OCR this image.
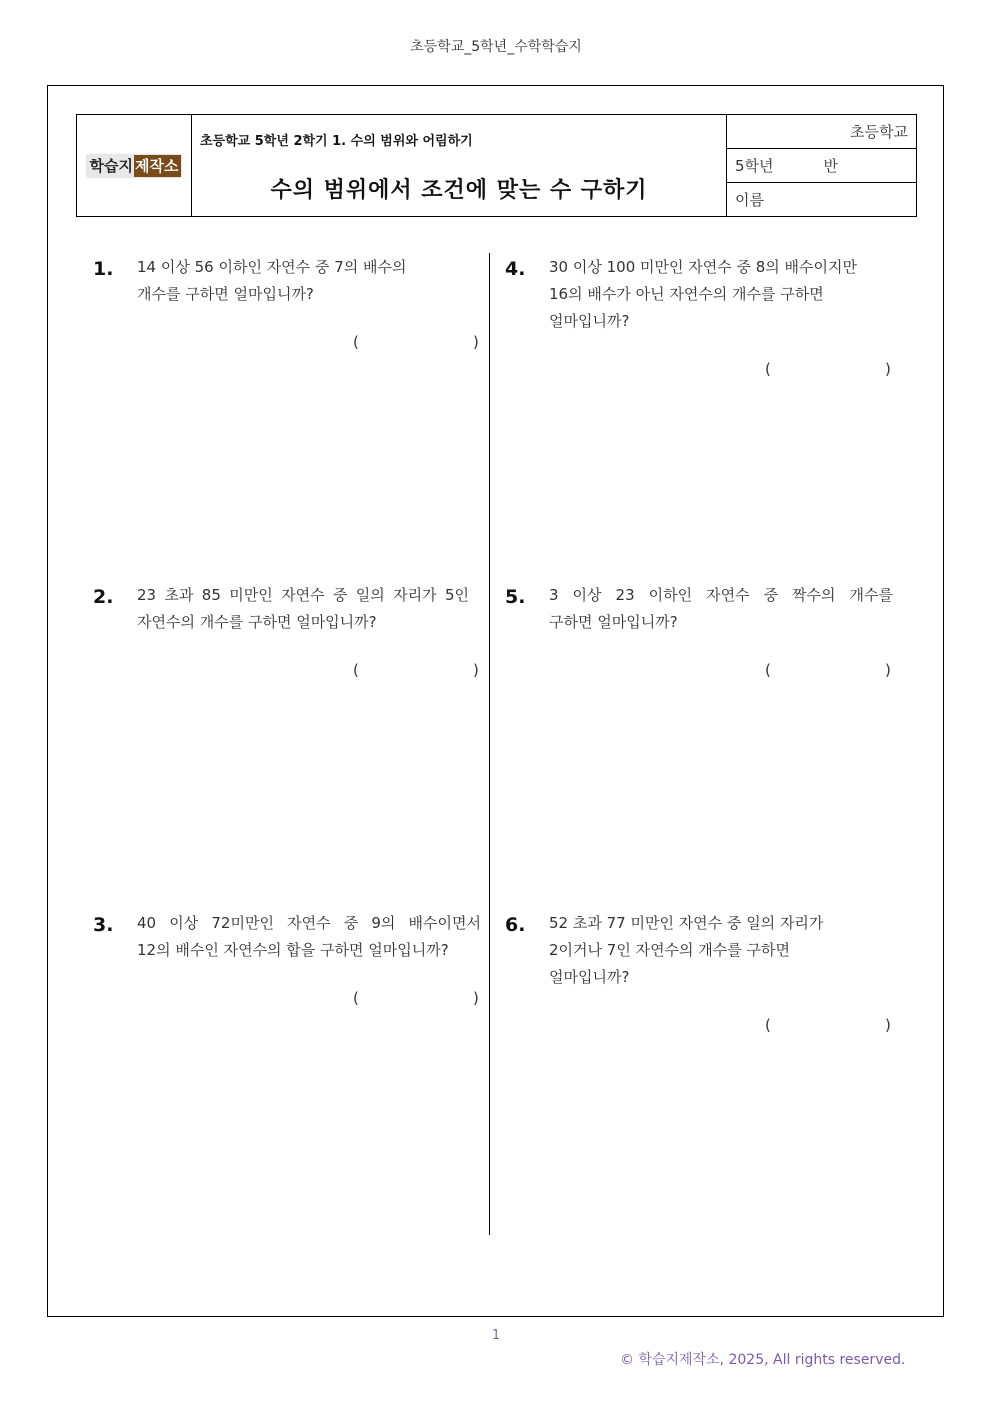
초등학교_5학년_수학학습지
학습지 제작소
초등학교 5학년 2학기 1. 수의 범위와 어림하기
수의 범위에서 조건에 맞는 수 구하기
초등학교
5학년	반
이름
1. 14 이상 56 이하인 자연수 중 7의 배수의
개수를 구하면 얼마입니까?
(	)
2. 23 초과 85 미만인 자연수 중 일의 자리가 5인
자연수의 개수를 구하면 얼마입니까?
(	)
3. 40 이상 72미만인 자연수 중 9의 배수이면서
12의 배수인 자연수의 합을 구하면 얼마입니까?
(	)
4. 30 이상 100 미만인 자연수 중 8의 배수이지만
16의 배수가 아닌 자연수의 개수를 구하면
얼마입니까?
(	)
5. 3 이상 23 이하인 자연수 중 짝수의 개수를
구하면 얼마입니까?
(	)
6. 52 초과 77 미만인 자연수 중 일의 자리가
2이거나 7인 자연수의 개수를 구하면
얼마입니까?
(	)
1
© 학습지제작소, 2025, All rights reserved.
